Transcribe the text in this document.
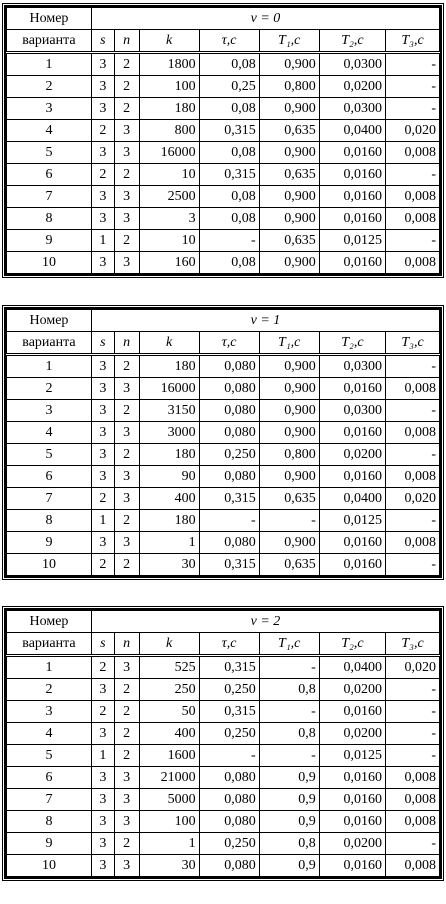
Номер	ν = 0						
варианта	s	n	k	τ,c	T₁,c	T₂,c	T₃,c
1	3	2	1800	0,08	0,900	0,0300	-
2	3	2	100	0,25	0,800	0,0200	-
3	3	2	180	0,08	0,900	0,0300	-
4	2	3	800	0,315	0,635	0,0400	0,020
5	3	3	16000	0,08	0,900	0,0160	0,008
6	2	2	10	0,315	0,635	0,0160	-
7	3	3	2500	0,08	0,900	0,0160	0,008
8	3	3	3	0,08	0,900	0,0160	0,008
9	1	2	10	-	0,635	0,0125	-
10	3	3	160	0,08	0,900	0,0160	0,008
Номер	ν = 1						
варианта	s	n	k	τ,c	T₁,c	T₂,c	T₃,c
1	3	2	180	0,080	0,900	0,0300	-
2	3	3	16000	0,080	0,900	0,0160	0,008
3	3	2	3150	0,080	0,900	0,0300	-
4	3	3	3000	0,080	0,900	0,0160	0,008
5	3	2	180	0,250	0,800	0,0200	-
6	3	3	90	0,080	0,900	0,0160	0,008
7	2	3	400	0,315	0,635	0,0400	0,020
8	1	2	180	-	-	0,0125	-
9	3	3	1	0,080	0,900	0,0160	0,008
10	2	2	30	0,315	0,635	0,0160	-
Номер	ν = 2						
варианта	s	n	k	τ,c	T₁,c	T₂,c	T₃,c
1	2	3	525	0,315	-	0,0400	0,020
2	3	2	250	0,250	0,8	0,0200	-
3	2	2	50	0,315	-	0,0160	-
4	3	2	400	0,250	0,8	0,0200	-
5	1	2	1600	-	-	0,0125	-
6	3	3	21000	0,080	0,9	0,0160	0,008
7	3	3	5000	0,080	0,9	0,0160	0,008
8	3	3	100	0,080	0,9	0,0160	0,008
9	3	2	1	0,250	0,8	0,0200	-
10	3	3	30	0,080	0,9	0,0160	0,008
